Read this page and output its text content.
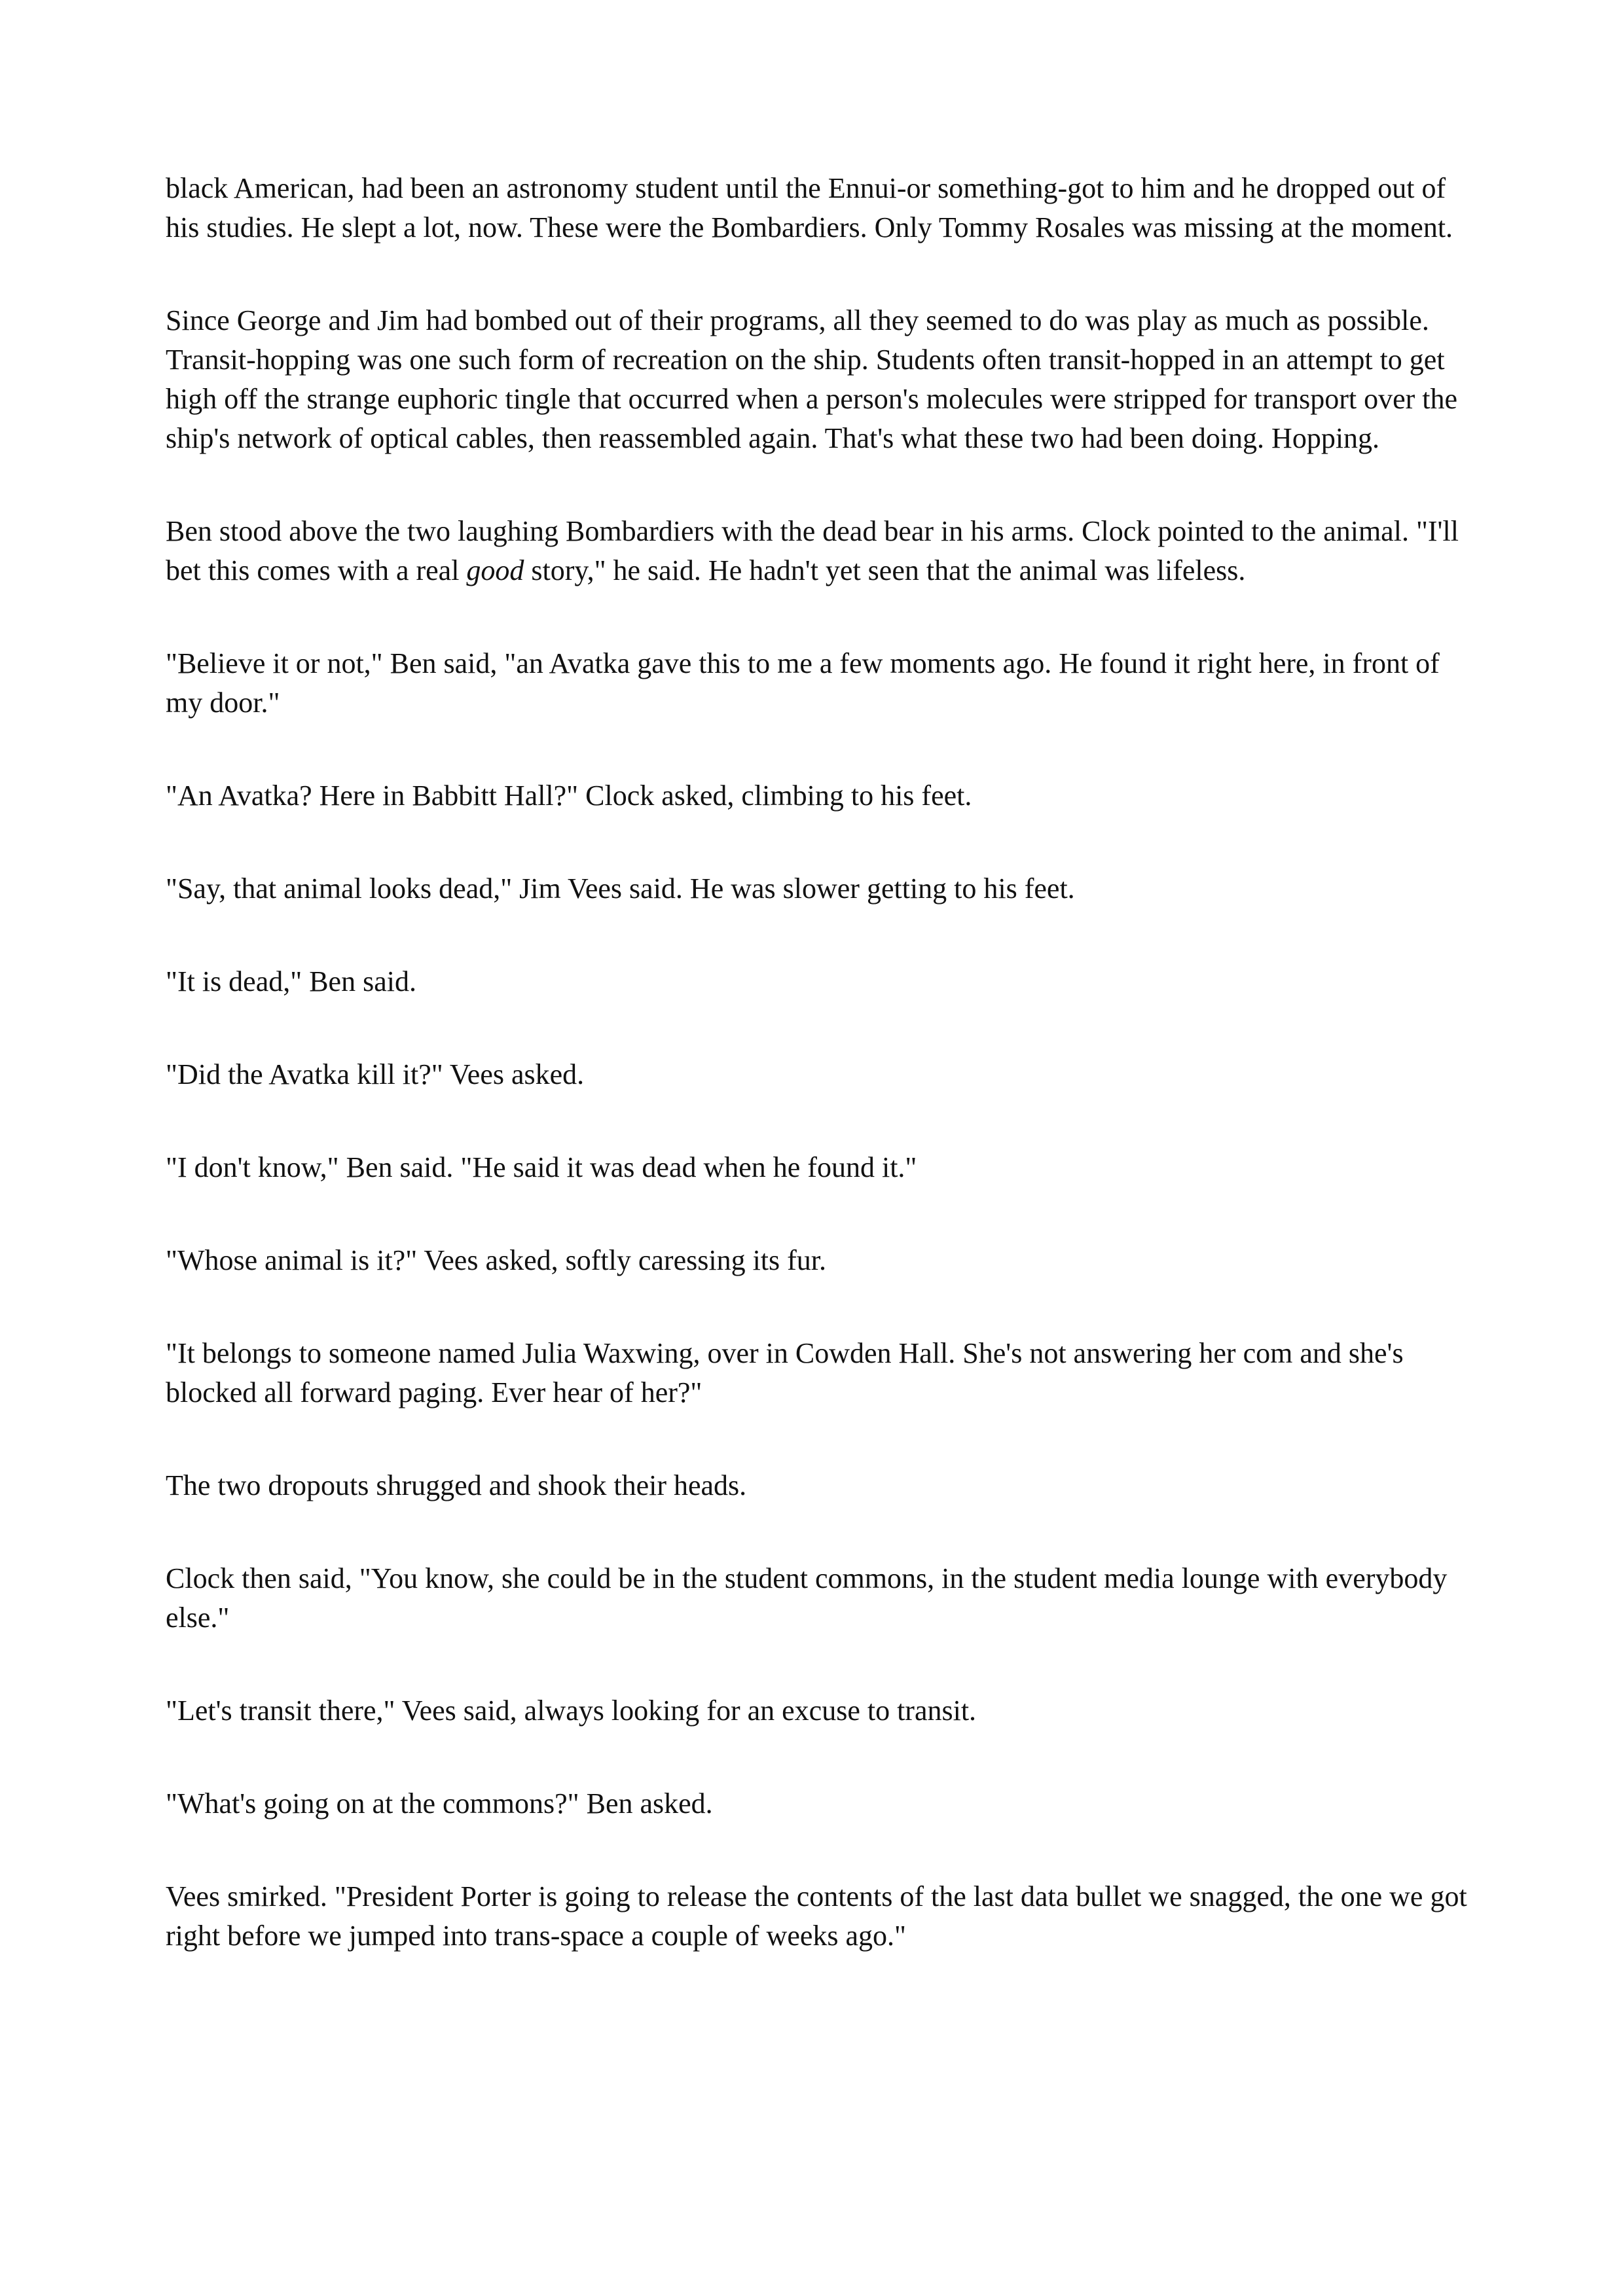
black American, had been an astronomy student until the Ennui-or something-got to him and he dropped out of his studies. He slept a lot, now. These were the Bombardiers. Only Tommy Rosales was missing at the moment.

Since George and Jim had bombed out of their programs, all they seemed to do was play as much as possible. Transit-hopping was one such form of recreation on the ship. Students often transit-hopped in an attempt to get high off the strange euphoric tingle that occurred when a person's molecules were stripped for transport over the ship's network of optical cables, then reassembled again. That's what these two had been doing. Hopping.

Ben stood above the two laughing Bombardiers with the dead bear in his arms. Clock pointed to the animal. "I'll bet this comes with a real good story," he said. He hadn't yet seen that the animal was lifeless.

"Believe it or not," Ben said, "an Avatka gave this to me a few moments ago. He found it right here, in front of my door."

"An Avatka? Here in Babbitt Hall?" Clock asked, climbing to his feet.

"Say, that animal looks dead," Jim Vees said. He was slower getting to his feet.

"It is dead," Ben said.

"Did the Avatka kill it?" Vees asked.

"I don't know," Ben said. "He said it was dead when he found it."

"Whose animal is it?" Vees asked, softly caressing its fur.

"It belongs to someone named Julia Waxwing, over in Cowden Hall. She's not answering her com and she's blocked all forward paging. Ever hear of her?"

The two dropouts shrugged and shook their heads.

Clock then said, "You know, she could be in the student commons, in the student media lounge with everybody else."

"Let's transit there," Vees said, always looking for an excuse to transit.

"What's going on at the commons?" Ben asked.

Vees smirked. "President Porter is going to release the contents of the last data bullet we snagged, the one we got right before we jumped into trans-space a couple of weeks ago."
